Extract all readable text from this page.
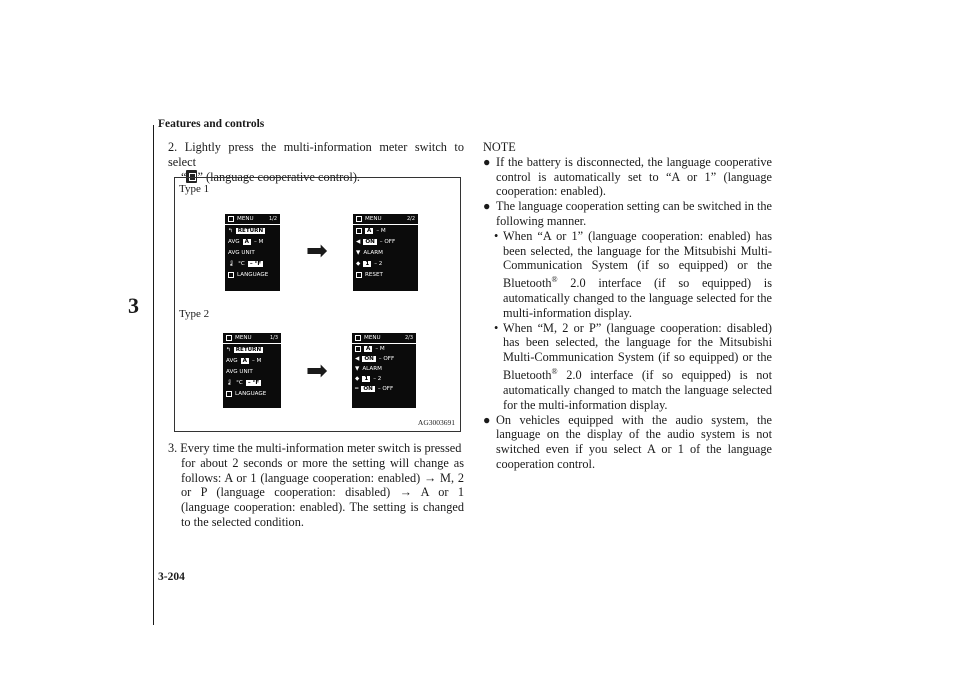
Features and controls
3
2. Lightly press the multi-information meter switch to select
“ ” (language cooperative control).
Type 1
Type 2
MENU	1/2
↰ RETURN
AVG A – M
AVG UNIT
🌡 °C – °F
LANGUAGE
➡
MENU	2/2
A – M
◀ ON – OFF
▼ ALARM
◆ 1 – 2
RESET
MENU	1/3
↰ RETURN
AVG A – M
AVG UNIT
🌡 °C – °F
LANGUAGE
➡
MENU	2/3
A – M
◀ ON – OFF
▼ ALARM
◆ 1 – 2
━ ON – OFF
AG3003691
3. Every time the multi-information meter switch is pressed
for about 2 seconds or more the setting will change as follows: A or 1 (language cooperation: enabled) → M, 2 or P (language cooperation: disabled) → A or 1 (language cooperation: enabled). The setting is changed to the selected condition.
NOTE
● If the battery is disconnected, the language cooperative control is automatically set to “A or 1” (language cooperation: enabled).
● The language cooperation setting can be switched in the following manner.
• When “A or 1” (language cooperation: enabled) has been selected, the language for the Mitsubishi Multi-Communication System (if so equipped) or the Bluetooth® 2.0 interface (if so equipped) is automatically changed to the language selected for the multi-information display.
• When “M, 2 or P” (language cooperation: disabled) has been selected, the language for the Mitsubishi Multi-Communication System (if so equipped) or the Bluetooth® 2.0 interface (if so equipped) is not automatically changed to match the language selected for the multi-information display.
● On vehicles equipped with the audio system, the language on the display of the audio system is not switched even if you select A or 1 of the language cooperation control.
3-204
